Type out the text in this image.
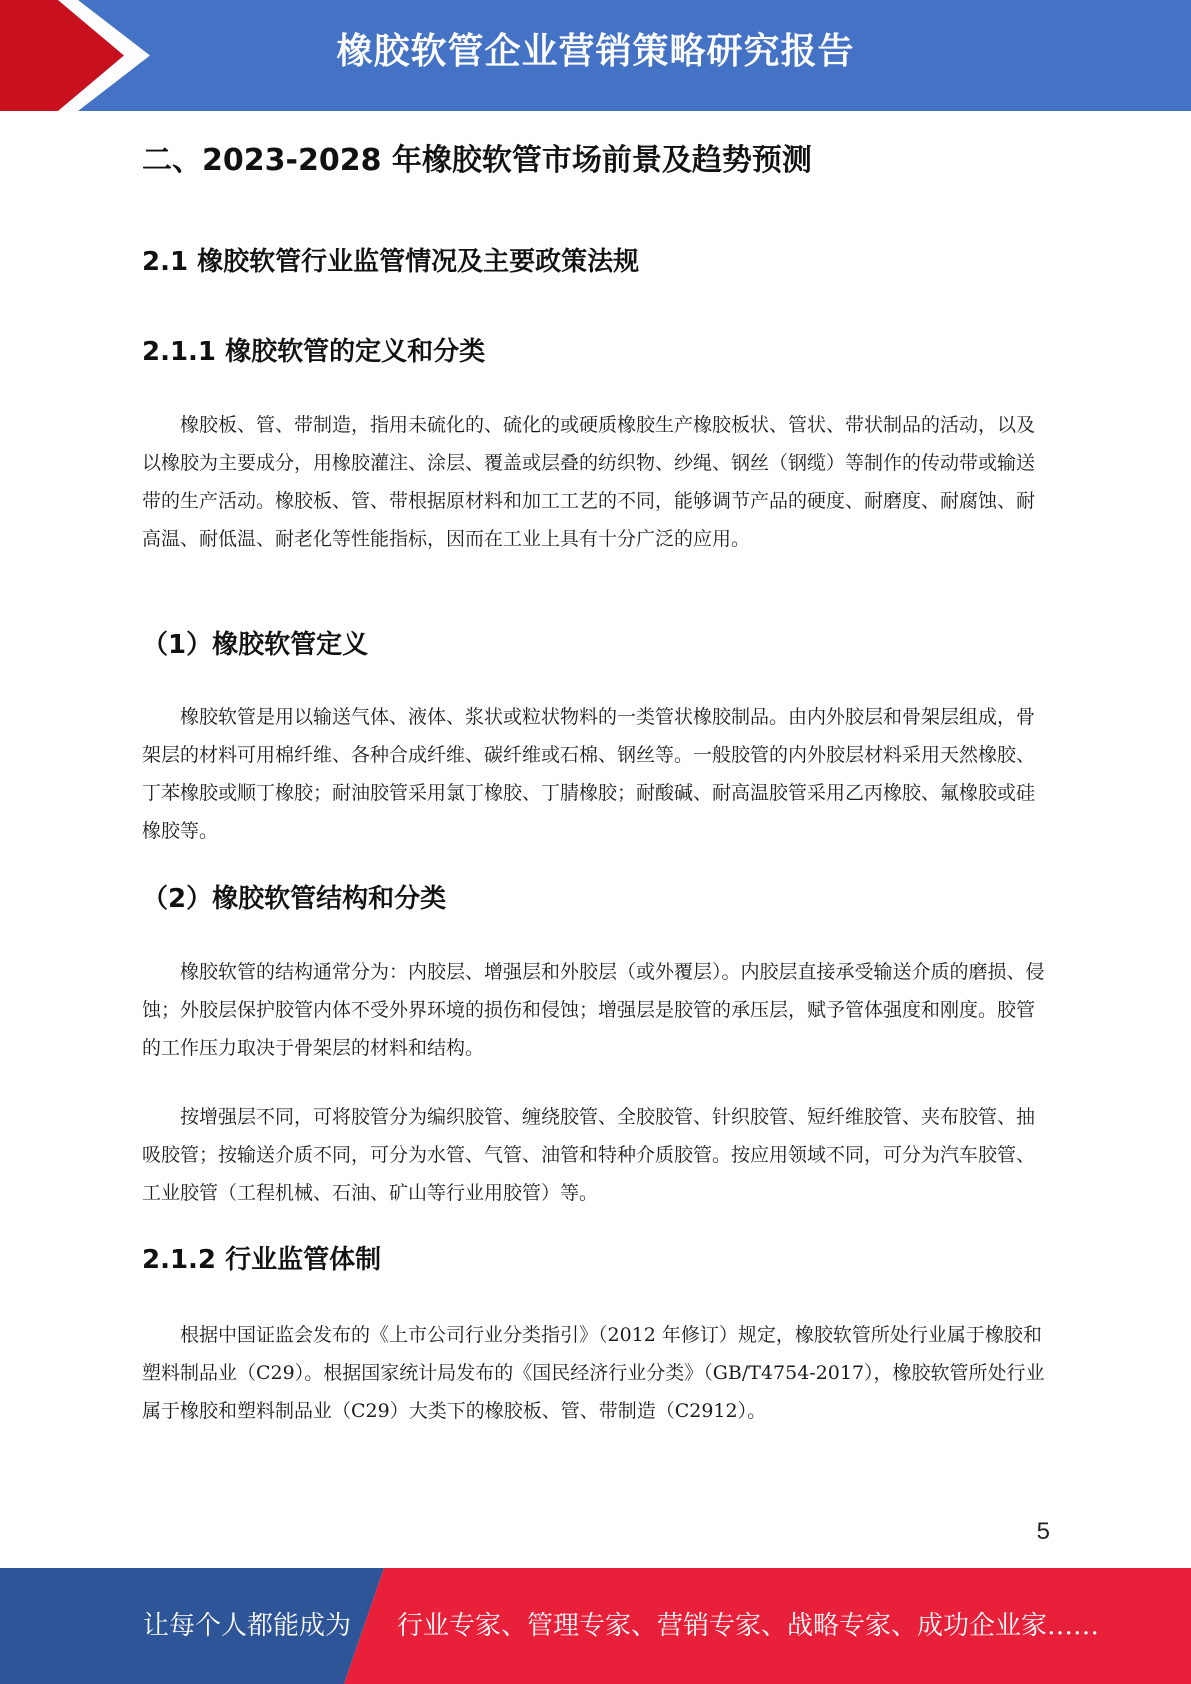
橡胶软管企业营销策略研究报告
二、2023-2028 年橡胶软管市场前景及趋势预测
2.1 橡胶软管行业监管情况及主要政策法规
2.1.1 橡胶软管的定义和分类

橡胶板、管、带制造，指用未硫化的、硫化的或硬质橡胶生产橡胶板状、管状、带状制品的活动，以及以橡胶为主要成分，用橡胶灌注、涂层、覆盖或层叠的纺织物、纱绳、钢丝（钢缆）等制作的传动带或输送带的生产活动。橡胶板、管、带根据原材料和加工工艺的不同，能够调节产品的硬度、耐磨度、耐腐蚀、耐高温、耐低温、耐老化等性能指标，因而在工业上具有十分广泛的应用。

（1）橡胶软管定义

橡胶软管是用以输送气体、液体、浆状或粒状物料的一类管状橡胶制品。由内外胶层和骨架层组成，骨架层的材料可用棉纤维、各种合成纤维、碳纤维或石棉、钢丝等。一般胶管的内外胶层材料采用天然橡胶、丁苯橡胶或顺丁橡胶；耐油胶管采用氯丁橡胶、丁腈橡胶；耐酸碱、耐高温胶管采用乙丙橡胶、氟橡胶或硅橡胶等。

（2）橡胶软管结构和分类

橡胶软管的结构通常分为：内胶层、增强层和外胶层（或外覆层）。内胶层直接承受输送介质的磨损、侵蚀；外胶层保护胶管内体不受外界环境的损伤和侵蚀；增强层是胶管的承压层，赋予管体强度和刚度。胶管的工作压力取决于骨架层的材料和结构。

按增强层不同，可将胶管分为编织胶管、缠绕胶管、全胶胶管、针织胶管、短纤维胶管、夹布胶管、抽吸胶管；按输送介质不同，可分为水管、气管、油管和特种介质胶管。按应用领域不同，可分为汽车胶管、工业胶管（工程机械、石油、矿山等行业用胶管）等。

2.1.2 行业监管体制

根据中国证监会发布的《上市公司行业分类指引》（2012 年修订）规定，橡胶软管所处行业属于橡胶和塑料制品业（C29）。根据国家统计局发布的《国民经济行业分类》（GB/T4754-2017），橡胶软管所处行业属于橡胶和塑料制品业（C29）大类下的橡胶板、管、带制造（C2912）。

5
让每个人都能成为 行业专家、管理专家、营销专家、战略专家、成功企业家……
